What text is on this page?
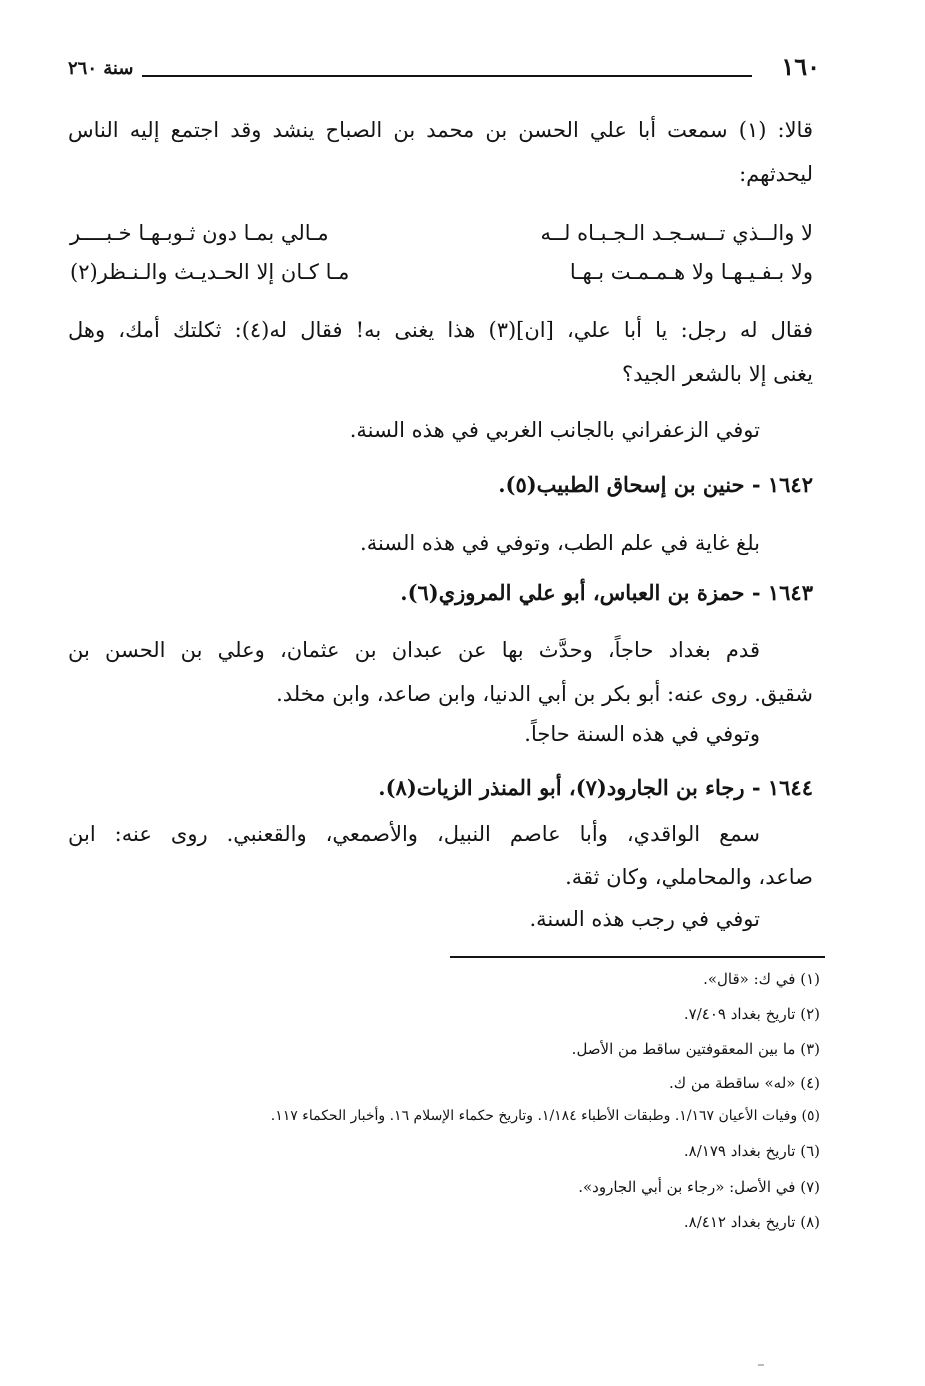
١٦٠
سنة ٢٦٠
قالا: (١) سمعت أبا علي الحسن بن محمد بن الصباح ينشد وقد اجتمع إليه الناس
ليحدثهم:
لا والــذي تــسـجـد الـجـبـاه لــه
مـالي بمـا دون ثـوبـهـا خـبــــر
ولا بـفـيـهـا ولا هـمـمـت بـهـا
مـا كـان إلا الحـديـث والـنـظر(٢)
فقال له رجل: يا أبا علي، [ان](٣) هذا يغنى به! فقال له(٤): ثكلتك أمك، وهل
يغنى إلا بالشعر الجيد؟
توفي الزعفراني بالجانب الغربي في هذه السنة.
١٦٤٢ - حنين بن إسحاق الطبيب(٥).
بلغ غاية في علم الطب، وتوفي في هذه السنة.
١٦٤٣ - حمزة بن العباس، أبو علي المروزي(٦).
قدم بغداد حاجاً، وحدَّث بها عن عبدان بن عثمان، وعلي بن الحسن بن
شقيق. روى عنه: أبو بكر بن أبي الدنيا، وابن صاعد، وابن مخلد.
وتوفي في هذه السنة حاجاً.
١٦٤٤ - رجاء بن الجارود(٧)، أبو المنذر الزيات(٨).
سمع الواقدي، وأبا عاصم النبيل، والأصمعي، والقعنبي. روى عنه: ابن
صاعد، والمحاملي، وكان ثقة.
توفي في رجب هذه السنة.
(١) في ك: «قال».
(٢) تاريخ بغداد ٧/٤٠٩.
(٣) ما بين المعقوفتين ساقط من الأصل.
(٤) «له» ساقطة من ك.
(٥) وفيات الأعيان ١/١٦٧. وطبقات الأطباء ١/١٨٤. وتاريخ حكماء الإسلام ١٦. وأخبار الحكماء ١١٧.
(٦) تاريخ بغداد ٨/١٧٩.
(٧) في الأصل: «رجاء بن أبي الجارود».
(٨) تاريخ بغداد ٨/٤١٢.
